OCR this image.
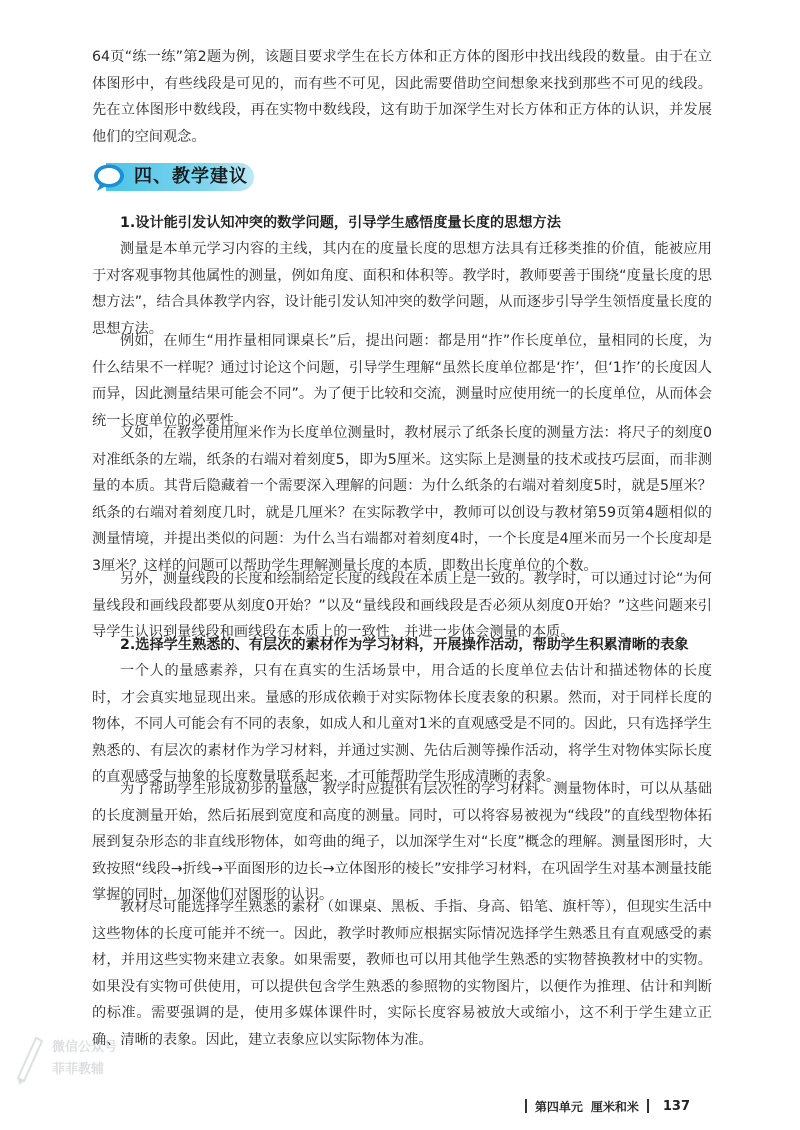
64页“练一练”第2题为例，该题目要求学生在长方体和正方体的图形中找出线段的数量。由于在立体图形中，有些线段是可见的，而有些不可见，因此需要借助空间想象来找到那些不可见的线段。先在立体图形中数线段，再在实物中数线段，这有助于加深学生对长方体和正方体的认识，并发展他们的空间观念。

四、教学建议

1.设计能引发认知冲突的数学问题，引导学生感悟度量长度的思想方法

测量是本单元学习内容的主线，其内在的度量长度的思想方法具有迁移类推的价值，能被应用于对客观事物其他属性的测量，例如角度、面积和体积等。教学时，教师要善于围绕“度量长度的思想方法”，结合具体教学内容，设计能引发认知冲突的数学问题，从而逐步引导学生领悟度量长度的思想方法。

例如，在师生“用拃量相同课桌长”后，提出问题：都是用“拃”作长度单位，量相同的长度，为什么结果不一样呢？通过讨论这个问题，引导学生理解“虽然长度单位都是‘拃’，但‘1拃’的长度因人而异，因此测量结果可能会不同”。为了便于比较和交流，测量时应使用统一的长度单位，从而体会统一长度单位的必要性。

又如，在教学使用厘米作为长度单位测量时，教材展示了纸条长度的测量方法：将尺子的刻度0对准纸条的左端，纸条的右端对着刻度5，即为5厘米。这实际上是测量的技术或技巧层面，而非测量的本质。其背后隐藏着一个需要深入理解的问题：为什么纸条的右端对着刻度5时，就是5厘米？纸条的右端对着刻度几时，就是几厘米？在实际教学中，教师可以创设与教材第59页第4题相似的测量情境，并提出类似的问题：为什么当右端都对着刻度4时，一个长度是4厘米而另一个长度却是3厘米？这样的问题可以帮助学生理解测量长度的本质，即数出长度单位的个数。

另外，测量线段的长度和绘制给定长度的线段在本质上是一致的。教学时，可以通过讨论“为何量线段和画线段都要从刻度0开始？”以及“量线段和画线段是否必须从刻度0开始？”这些问题来引导学生认识到量线段和画线段在本质上的一致性，并进一步体会测量的本质。

2.选择学生熟悉的、有层次的素材作为学习材料，开展操作活动，帮助学生积累清晰的表象

一个人的量感素养，只有在真实的生活场景中，用合适的长度单位去估计和描述物体的长度时，才会真实地显现出来。量感的形成依赖于对实际物体长度表象的积累。然而，对于同样长度的物体，不同人可能会有不同的表象，如成人和儿童对1米的直观感受是不同的。因此，只有选择学生熟悉的、有层次的素材作为学习材料，并通过实测、先估后测等操作活动，将学生对物体实际长度的直观感受与抽象的长度数量联系起来，才可能帮助学生形成清晰的表象。

为了帮助学生形成初步的量感，教学时应提供有层次性的学习材料。测量物体时，可以从基础的长度测量开始，然后拓展到宽度和高度的测量。同时，可以将容易被视为“线段”的直线型物体拓展到复杂形态的非直线形物体，如弯曲的绳子，以加深学生对“长度”概念的理解。测量图形时，大致按照“线段→折线→平面图形的边长→立体图形的棱长”安排学习材料，在巩固学生对基本测量技能掌握的同时，加深他们对图形的认识。

教材尽可能选择学生熟悉的素材（如课桌、黑板、手指、身高、铅笔、旗杆等），但现实生活中这些物体的长度可能并不统一。因此，教学时教师应根据实际情况选择学生熟悉且有直观感受的素材，并用这些实物来建立表象。如果需要，教师也可以用其他学生熟悉的实物替换教材中的实物。如果没有实物可供使用，可以提供包含学生熟悉的参照物的实物图片，以便作为推理、估计和判断的标准。需要强调的是，使用多媒体课件时，实际长度容易被放大或缩小，这不利于学生建立正确、清晰的表象。因此，建立表象应以实际物体为准。

微信公众号
菲菲教辅
第四单元 厘米和米 137
